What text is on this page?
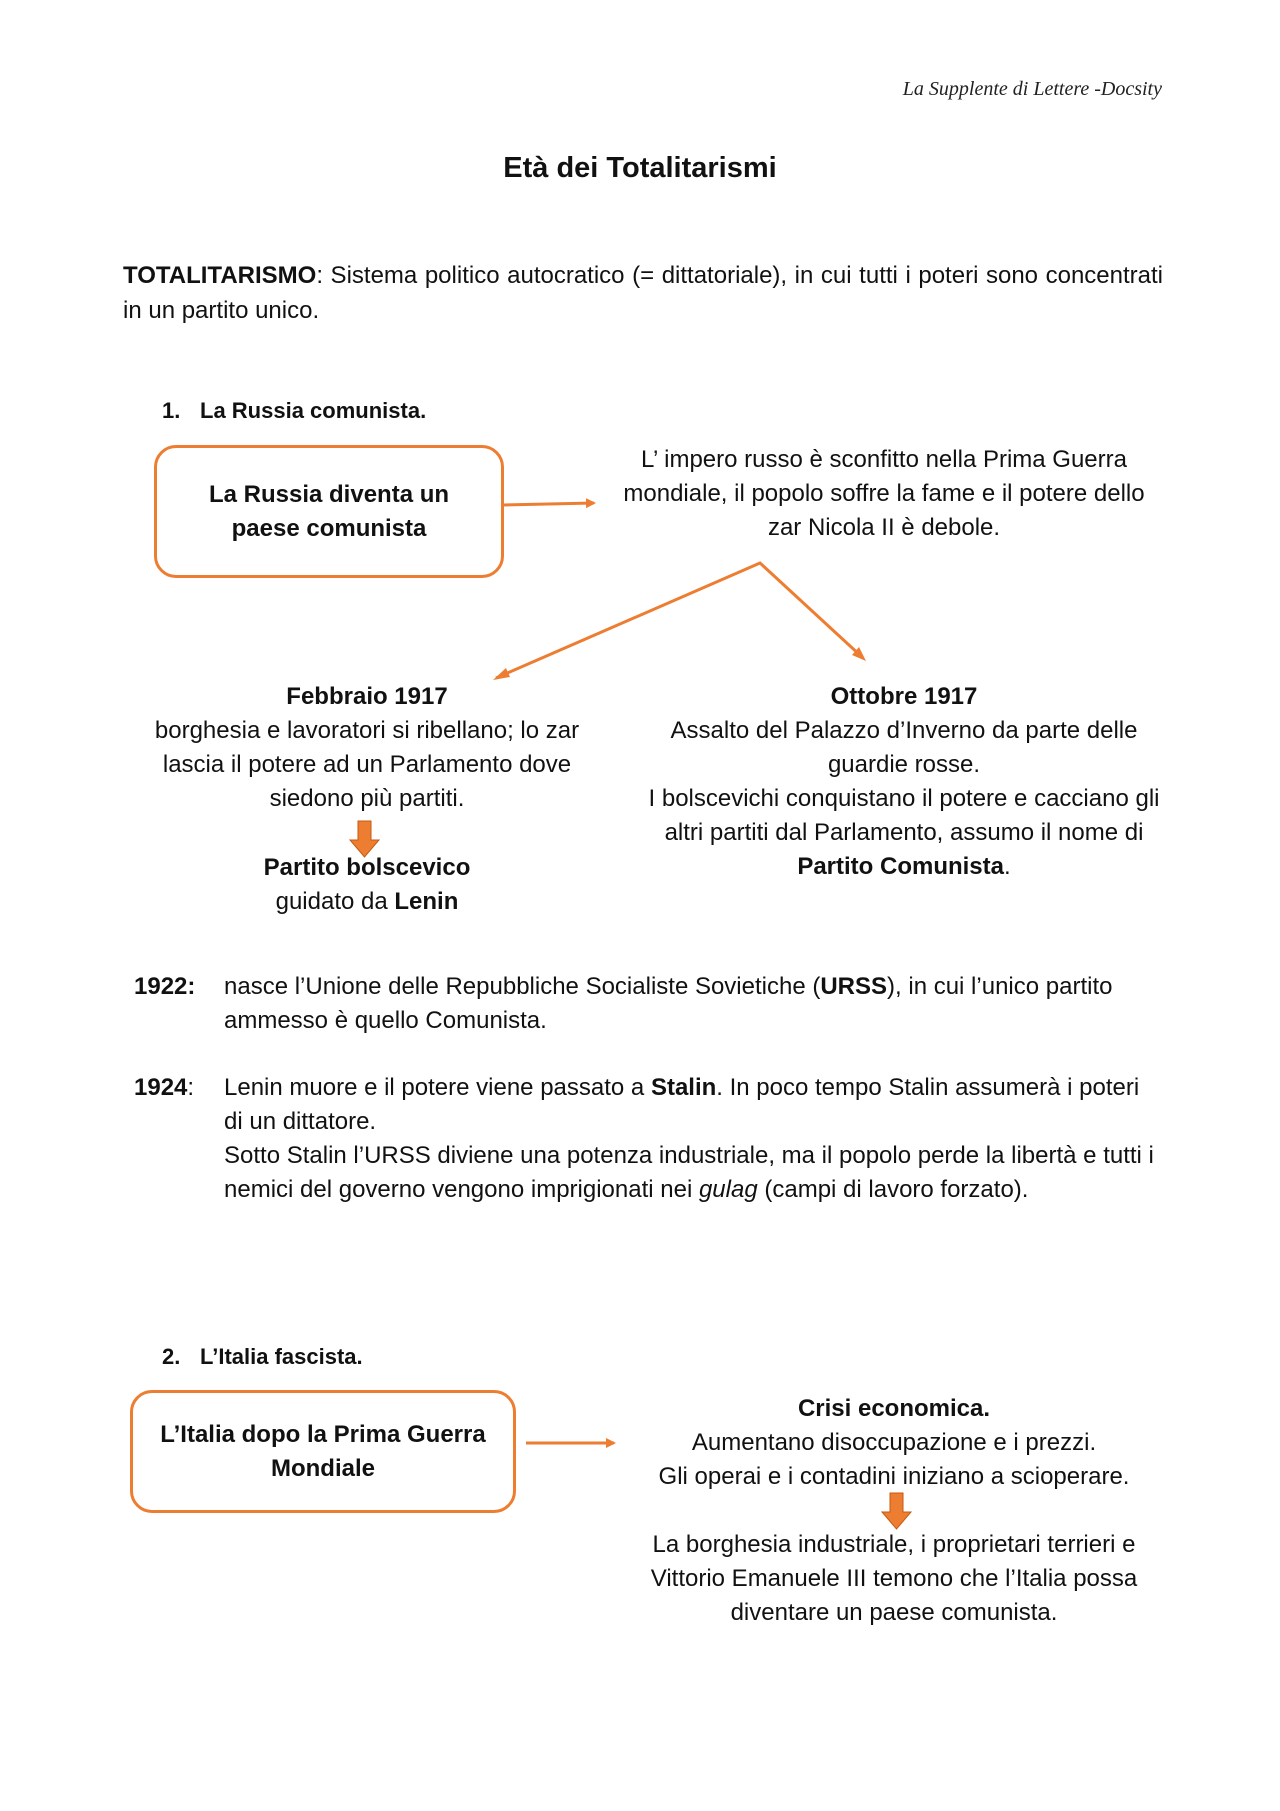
La Supplente di Lettere -Docsity
Età dei Totalitarismi
TOTALITARISMO: Sistema politico autocratico (= dittatoriale), in cui tutti i poteri sono concentrati in un partito unico.
1. La Russia comunista.
La Russia diventa un paese comunista
L’ impero russo è sconfitto nella Prima Guerra mondiale, il popolo soffre la fame e il potere dello zar Nicola II è debole.
Febbraio 1917
borghesia e lavoratori si ribellano; lo zar lascia il potere ad un Parlamento dove siedono più partiti.
Partito bolscevico
guidato da Lenin
Ottobre 1917
Assalto del Palazzo d’Inverno da parte delle guardie rosse.
I bolscevichi conquistano il potere e cacciano gli altri partiti dal Parlamento, assumo il nome di Partito Comunista.
1922: nasce l’Unione delle Repubbliche Socialiste Sovietiche (URSS), in cui l’unico partito ammesso è quello Comunista.
1924: Lenin muore e il potere viene passato a Stalin. In poco tempo Stalin assumerà i poteri di un dittatore.
Sotto Stalin l’URSS diviene una potenza industriale, ma il popolo perde la libertà e tutti i nemici del governo vengono imprigionati nei gulag (campi di lavoro forzato).
2. L’Italia fascista.
L’Italia dopo la Prima Guerra Mondiale
Crisi economica.
Aumentano disoccupazione e i prezzi.
Gli operai e i contadini iniziano a scioperare.
La borghesia industriale, i proprietari terrieri e Vittorio Emanuele III temono che l’Italia possa diventare un paese comunista.
